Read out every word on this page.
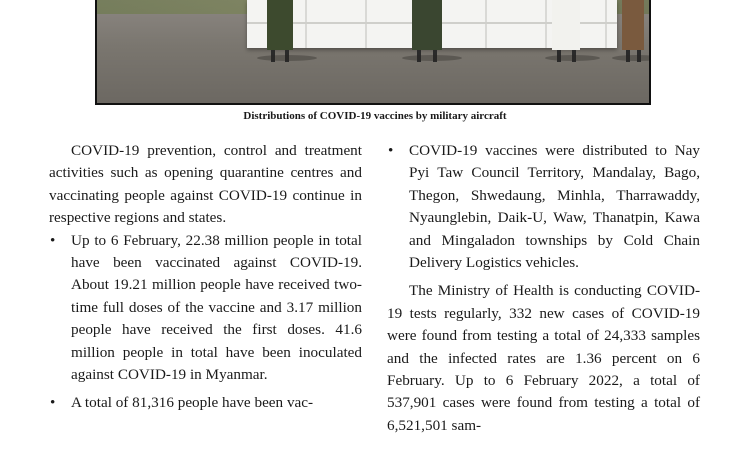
Distributions of COVID-19 vaccines by military aircraft

COVID-19 prevention, control and treatment activities such as opening quarantine centres and vaccinating people against COVID-19 continue in respective regions and states.

• Up to 6 February, 22.38 million people in total have been vaccinated against COVID-19. About 19.21 million people have received two-time full doses of the vaccine and 3.17 million people have received the first doses. 41.6 million people in total have been inoculated against COVID-19 in Myanmar.
• A total of 81,316 people have been vac-
• COVID-19 vaccines were distributed to Nay Pyi Taw Council Territory, Mandalay, Bago, Thegon, Shwedaung, Minhla, Tharrawaddy, Nyaunglebin, Daik-U, Waw, Thanatpin, Kawa and Mingaladon townships by Cold Chain Delivery Logistics vehicles.

The Ministry of Health is conducting COVID-19 tests regularly, 332 new cases of COVID-19 were found from testing a total of 24,333 samples and the infected rates are 1.36 percent on 6 February. Up to 6 February 2022, a total of 537,901 cases were found from testing a total of 6,521,501 sam-
